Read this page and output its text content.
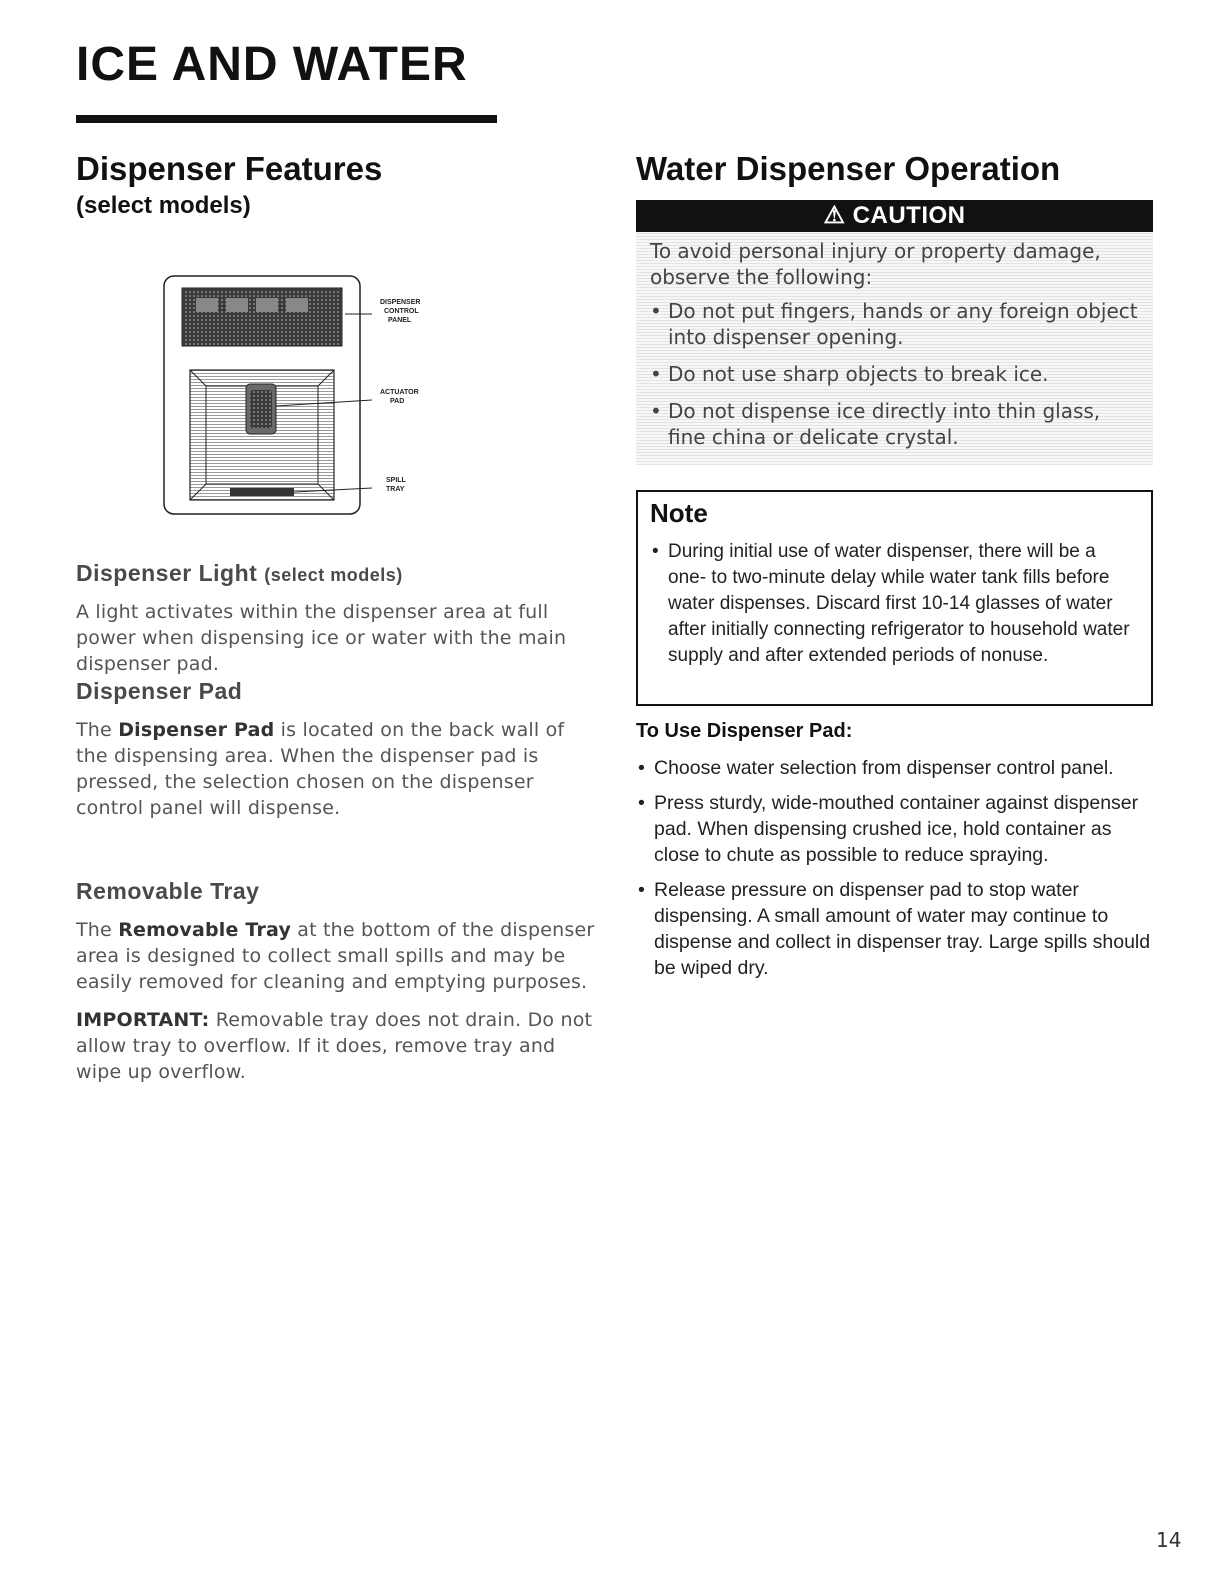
ICE AND WATER
Dispenser Features
(select models)
DISPENSER
CONTROL
PANEL
ACTUATOR
PAD
SPILL
TRAY
Dispenser Light (select models)

A light activates within the dispenser area at full power when dispensing ice or water with the main dispenser pad.

Dispenser Pad

The Dispenser Pad is located on the back wall of the dispensing area. When the dispenser pad is pressed, the selection chosen on the dispenser control panel will dispense.

Removable Tray

The Removable Tray at the bottom of the dispenser area is designed to collect small spills and may be easily removed for cleaning and emptying purposes.

IMPORTANT: Removable tray does not drain. Do not allow tray to overflow. If it does, remove tray and wipe up overflow.

Water Dispenser Operation
⚠ CAUTION

To avoid personal injury or property damage, observe the following:

• Do not put fingers, hands or any foreign object into dispenser opening.
• Do not use sharp objects to break ice.
• Do not dispense ice directly into thin glass, fine china or delicate crystal.
Note
• During initial use of water dispenser, there will be a one- to two-minute delay while water tank fills before water dispenses. Discard first 10-14 glasses of water after initially connecting refrigerator to household water supply and after extended periods of nonuse.
To Use Dispenser Pad:
• Choose water selection from dispenser control panel.
• Press sturdy, wide-mouthed container against dispenser pad. When dispensing crushed ice, hold container as close to chute as possible to reduce spraying.
• Release pressure on dispenser pad to stop water dispensing. A small amount of water may continue to dispense and collect in dispenser tray. Large spills should be wiped dry.
14
